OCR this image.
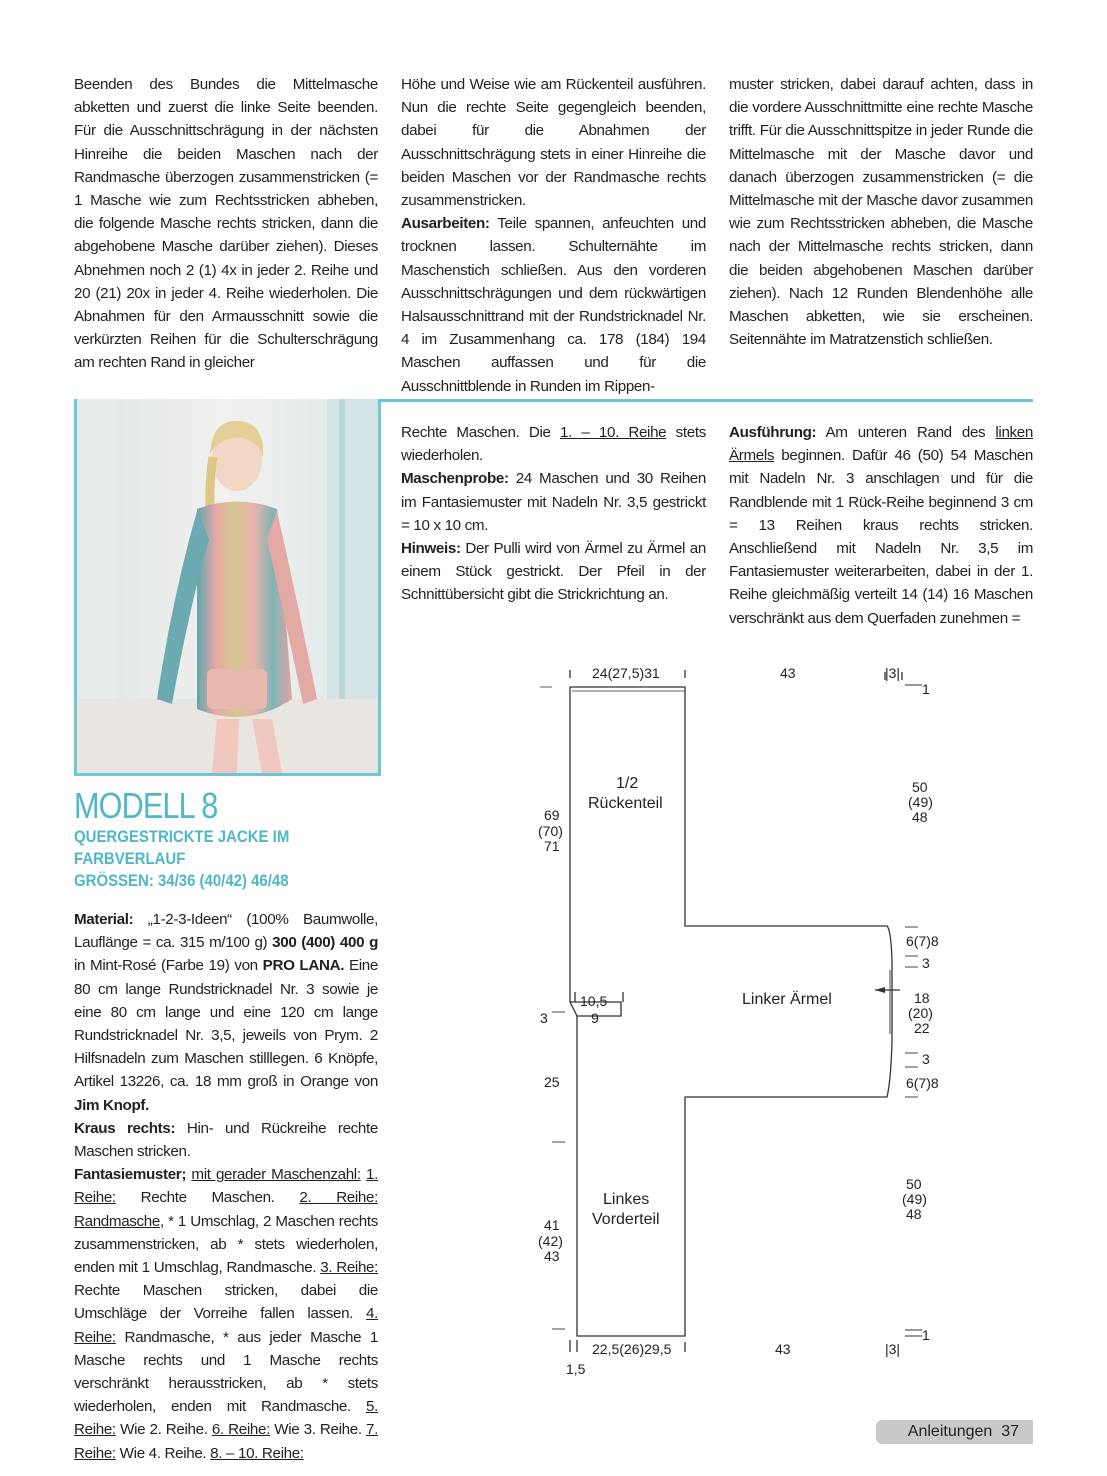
Beenden des Bundes die Mittelmasche abketten und zuerst die linke Seite beenden. Für die Ausschnittschrägung in der nächsten Hinreihe die beiden Maschen nach der Randmasche überzogen zusammenstricken (= 1 Masche wie zum Rechtsstricken abheben, die folgende Masche rechts stricken, dann die abgehobene Masche darüber ziehen). Dieses Abnehmen noch 2 (1) 4x in jeder 2. Reihe und 20 (21) 20x in jeder 4. Reihe wiederholen. Die Abnahmen für den Armausschnitt sowie die verkürzten Reihen für die Schulterschrägung am rechten Rand in gleicher

Höhe und Weise wie am Rückenteil ausführen. Nun die rechte Seite gegengleich beenden, dabei für die Abnahmen der Ausschnittschrägung stets in einer Hinreihe die beiden Maschen vor der Randmasche rechts zusammenstricken.

Ausarbeiten: Teile spannen, anfeuchten und trocknen lassen. Schulternähte im Maschenstich schließen. Aus den vorderen Ausschnittschrägungen und dem rückwärtigen Halsausschnittrand mit der Rundstricknadel Nr. 4 im Zusammenhang ca. 178 (184) 194 Maschen auffassen und für die Ausschnittblende in Runden im Rippen-

muster stricken, dabei darauf achten, dass in die vordere Ausschnittmitte eine rechte Masche trifft. Für die Ausschnittspitze in jeder Runde die Mittelmasche mit der Masche davor und danach überzogen zusammenstricken (= die Mittelmasche mit der Masche davor zusammen wie zum Rechtsstricken abheben, die Masche nach der Mittelmasche rechts stricken, dann die beiden abgehobenen Maschen darüber ziehen). Nach 12 Runden Blendenhöhe alle Maschen abketten, wie sie erscheinen. Seitennähte im Matratzenstich schließen.

MODELL 8
QUERGESTRICKTE JACKE IM
FARBVERLAUF
GRÖSSEN: 34/36 (40/42) 46/48

Rechte Maschen. Die 1. – 10. Reihe stets wiederholen.

Maschenprobe: 24 Maschen und 30 Reihen im Fantasiemuster mit Nadeln Nr. 3,5 gestrickt = 10 x 10 cm.

Hinweis: Der Pulli wird von Ärmel zu Ärmel an einem Stück gestrickt. Der Pfeil in der Schnittübersicht gibt die Strickrichtung an.

Ausführung: Am unteren Rand des linken Ärmels beginnen. Dafür 46 (50) 54 Maschen mit Nadeln Nr. 3 anschlagen und für die Randblende mit 1 Rück-Reihe beginnend 3 cm = 13 Reihen kraus rechts stricken. Anschließend mit Nadeln Nr. 3,5 im Fantasiemuster weiterarbeiten, dabei in der 1. Reihe gleichmäßig verteilt 14 (14) 16 Maschen verschränkt aus dem Querfaden zunehmen =

Material: „1-2-3-Ideen“ (100% Baumwolle, Lauflänge = ca. 315 m/100 g) 300 (400) 400 g in Mint-Rosé (Farbe 19) von PRO LANA. Eine 80 cm lange Rundstricknadel Nr. 3 sowie je eine 80 cm lange und eine 120 cm lange Rundstricknadel Nr. 3,5, jeweils von Prym. 2 Hilfsnadeln zum Maschen stilllegen. 6 Knöpfe, Artikel 13226, ca. 18 mm groß in Orange von Jim Knopf.

Kraus rechts: Hin- und Rückreihe rechte Maschen stricken.

Fantasiemuster; mit gerader Maschenzahl: 1. Reihe: Rechte Maschen. 2. Reihe: Randmasche, * 1 Umschlag, 2 Maschen rechts zusammenstricken, ab * stets wiederholen, enden mit 1 Umschlag, Randmasche. 3. Reihe: Rechte Maschen stricken, dabei die Umschläge der Vorreihe fallen lassen. 4. Reihe: Randmasche, * aus jeder Masche 1 Masche rechts und 1 Masche rechts verschränkt herausstricken, ab * stets wiederholen, enden mit Randmasche. 5. Reihe: Wie 2. Reihe. 6. Reihe: Wie 3. Reihe. 7. Reihe: Wie 4. Reihe. 8. – 10. Reihe:

24(27,5)31	43	|3|
1
1/2
Rückenteil
69
(70)
71
50
(49)
48
6(7)8
3
Linker Ärmel	18
(20)
22
3
6(7)8
10,5
9
3
25
Linkes
Vorderteil
41
(42)
43
50
(49)
48
22,5(26)29,5	43	|3|
1
1,5
Anleitungen 37
